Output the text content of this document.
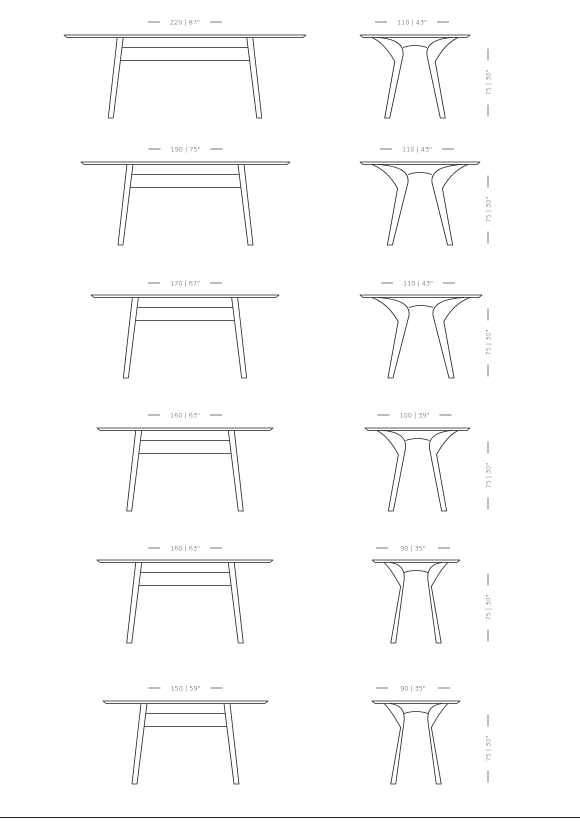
220 | 87"	110 | 43"
75 | 30"
190 | 75"	110 | 43"
75 | 30"
170 | 67"	110 | 43"
75 | 30"
160 | 63"	100 | 39"
75 | 30"
160 | 63"	90 | 35"
75 | 30"
150 | 59"	90 | 35"
75 | 30"
